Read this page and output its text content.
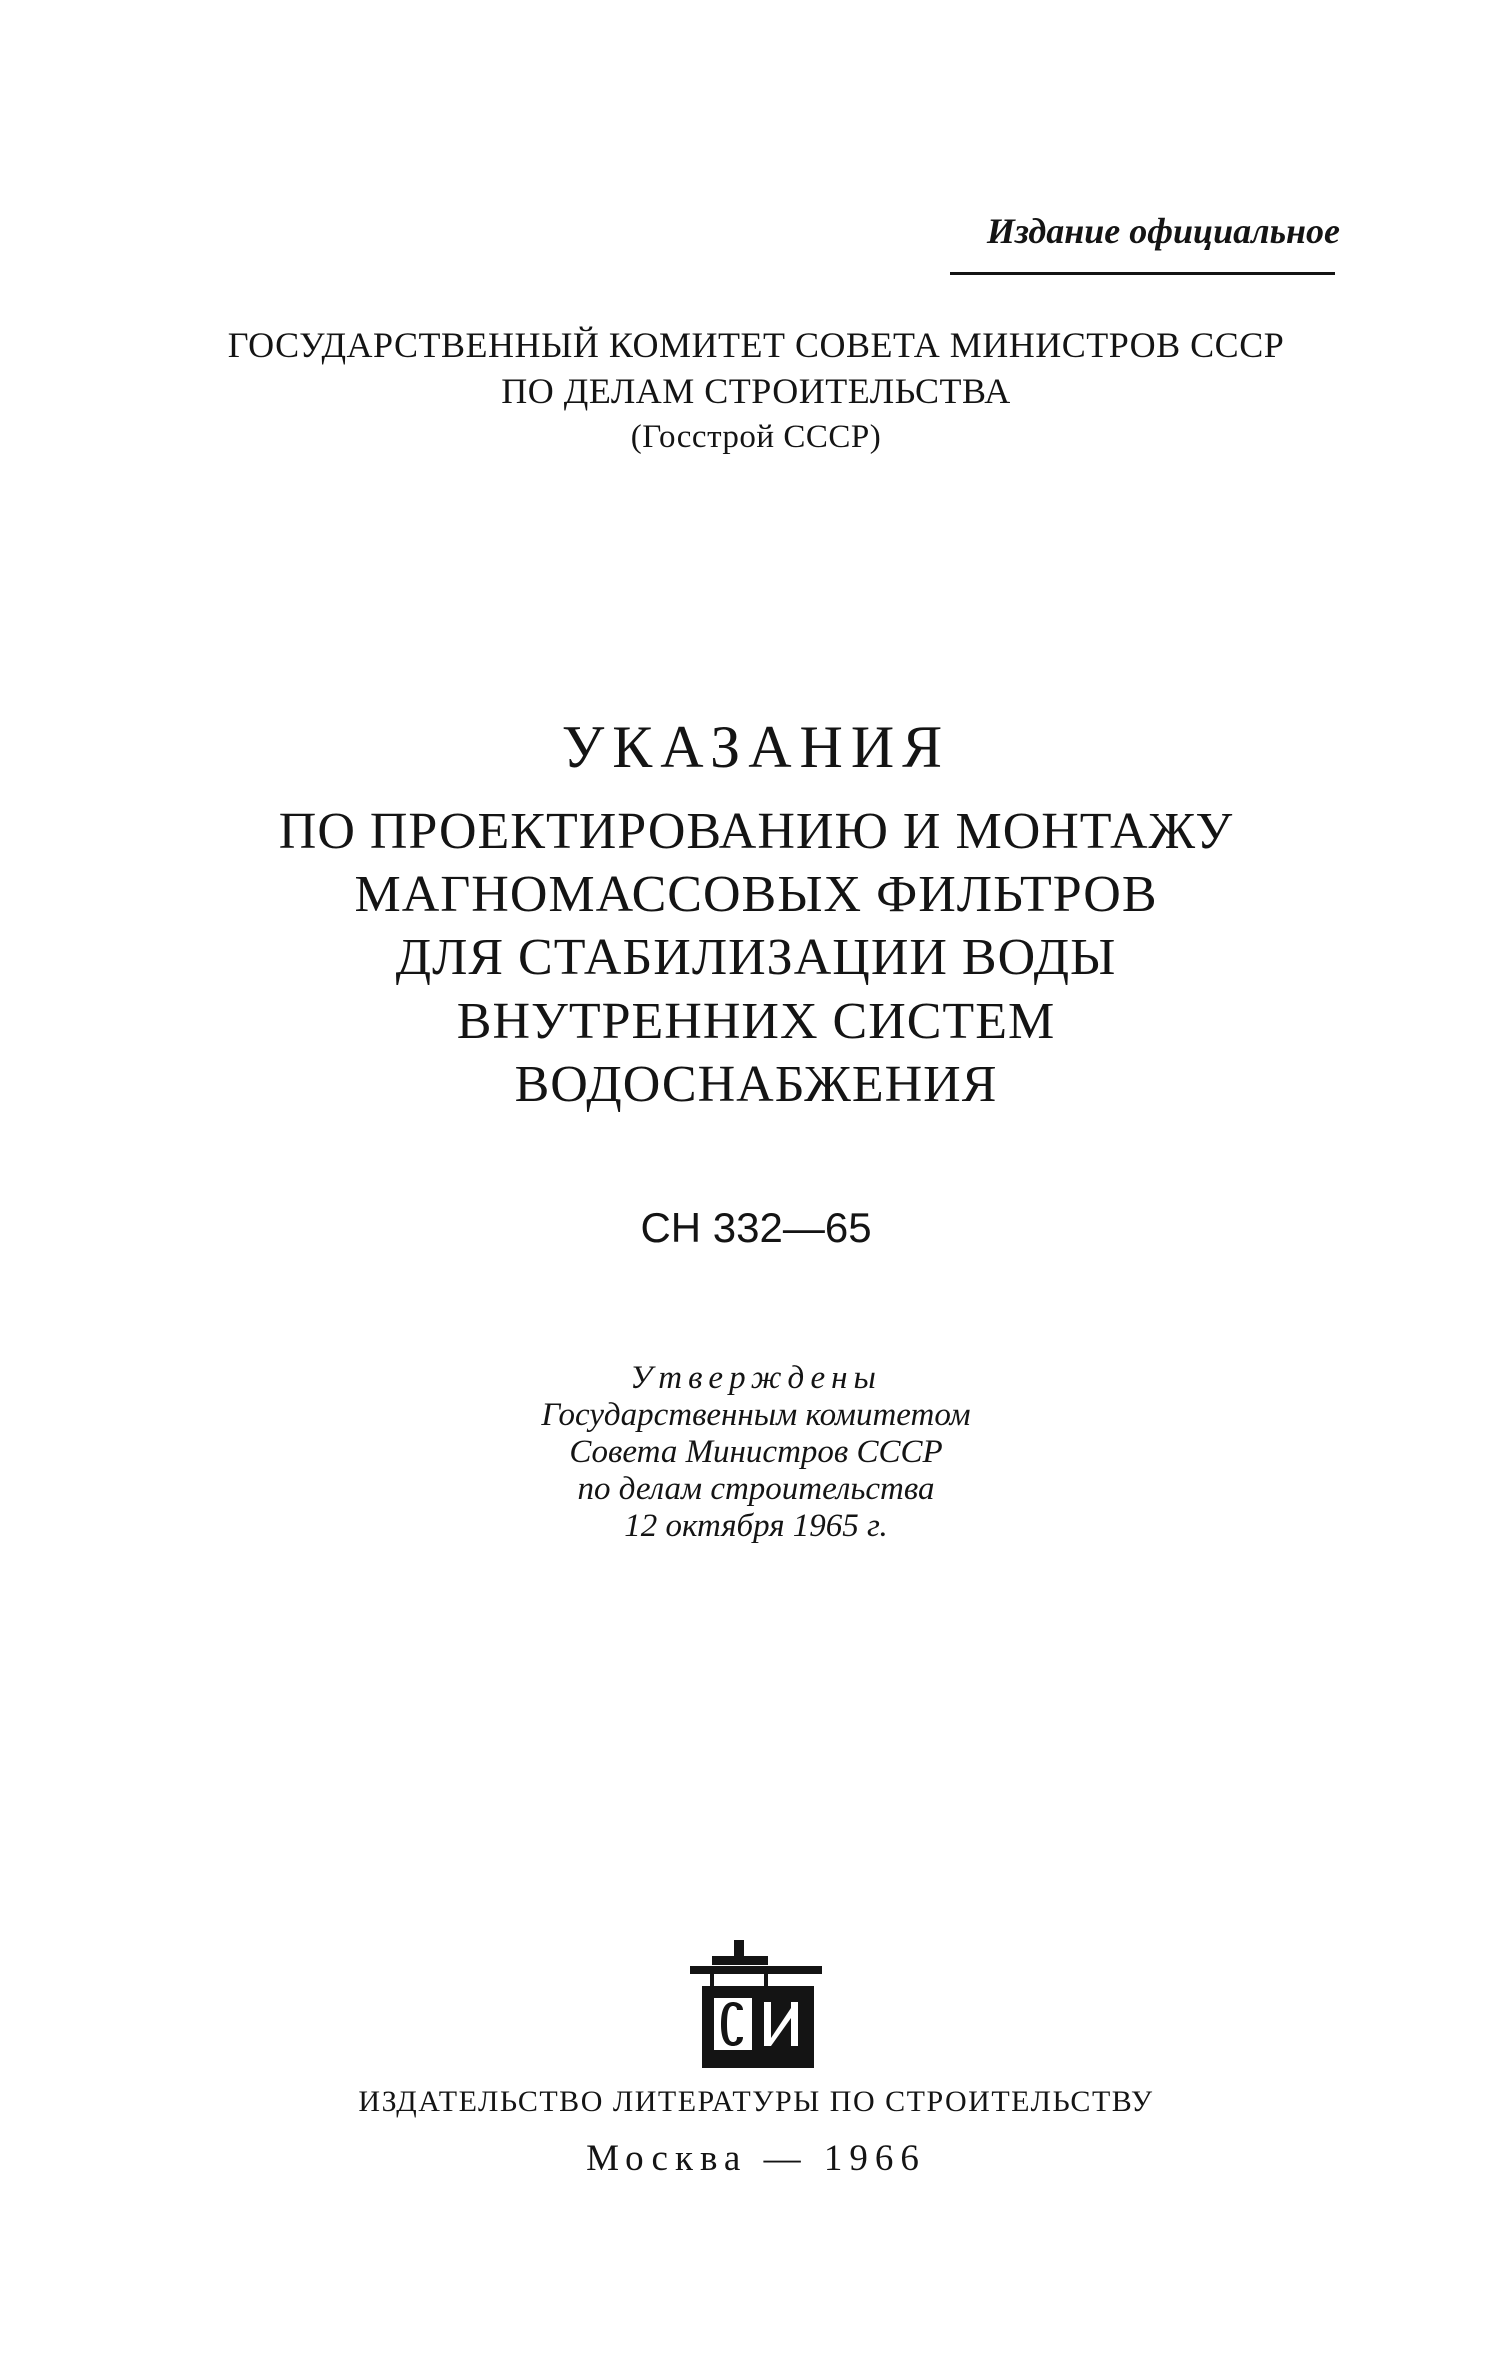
Издание официальное
ГОСУДАРСТВЕННЫЙ КОМИТЕТ СОВЕТА МИНИСТРОВ СССР
ПО ДЕЛАМ СТРОИТЕЛЬСТВА
(Госстрой СССР)
УКАЗАНИЯ
ПО ПРОЕКТИРОВАНИЮ И МОНТАЖУ
МАГНОМАССОВЫХ ФИЛЬТРОВ
ДЛЯ СТАБИЛИЗАЦИИ ВОДЫ
ВНУТРЕННИХ СИСТЕМ
ВОДОСНАБЖЕНИЯ
СН 332—65
Утверждены
Государственным комитетом
Совета Министров СССР
по делам строительства
12 октября 1965 г.
ИЗДАТЕЛЬСТВО ЛИТЕРАТУРЫ ПО СТРОИТЕЛЬСТВУ
Москва — 1966
